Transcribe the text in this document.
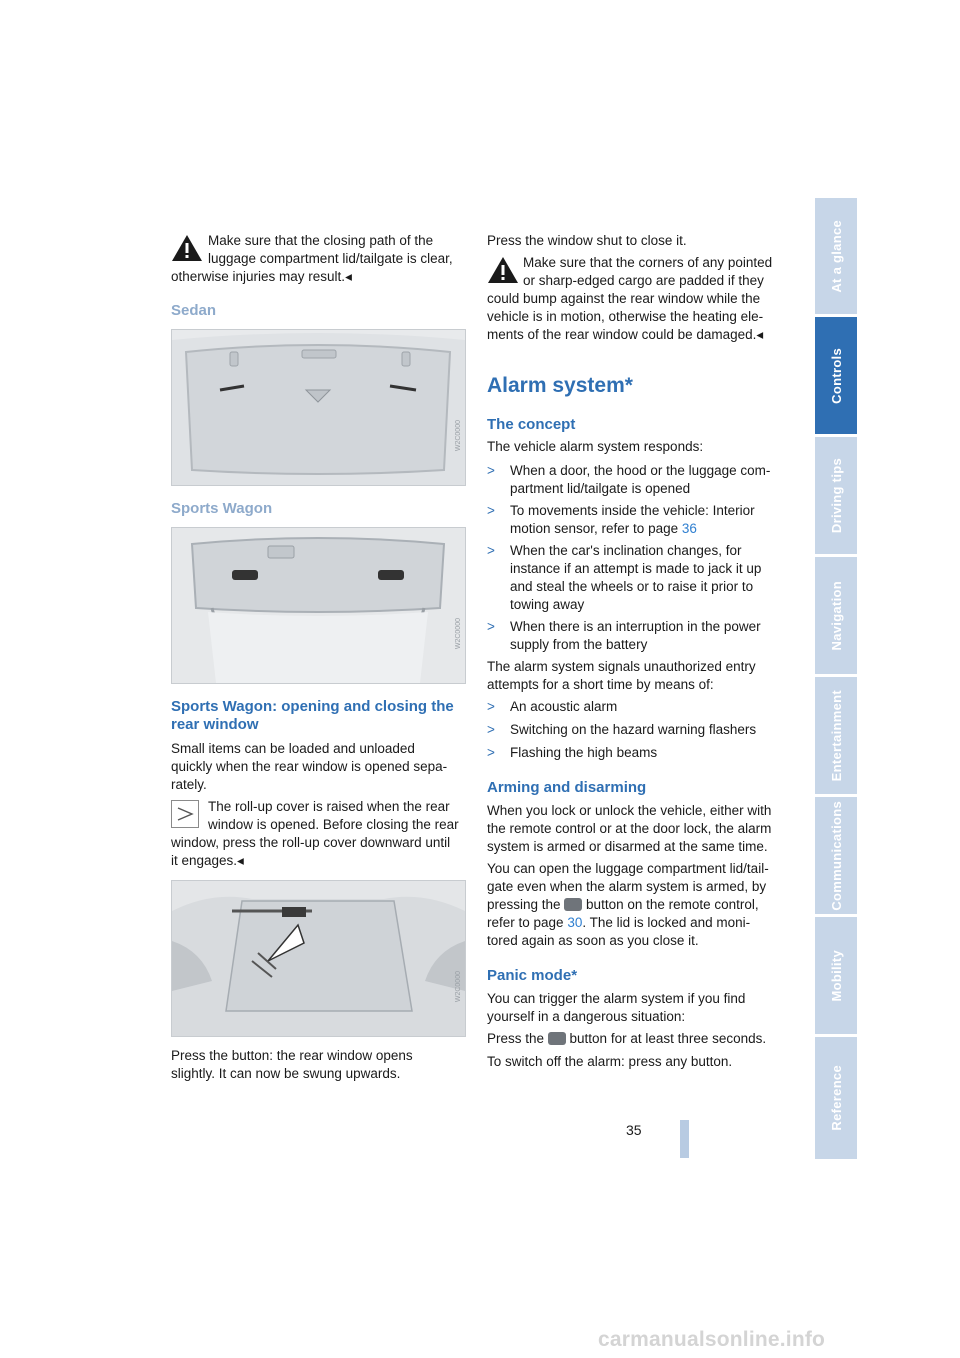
Make sure that the closing path of the

luggage compartment lid/tailgate is clear,

otherwise injuries may result.◂

Sedan
W2C0000
Sports Wagon
W2C0000
Sports Wagon: opening and closing the
rear window

Small items can be loaded and unloaded

quickly when the rear window is opened sepa-

rately.

The roll-up cover is raised when the rear

window is opened. Before closing the rear

window, press the roll-up cover downward until

it engages.◂

W2C0000

Press the button: the rear window opens

slightly. It can now be swung upwards.

Press the window shut to close it.

Make sure that the corners of any pointed

or sharp-edged cargo are padded if they

could bump against the rear window while the

vehicle is in motion, otherwise the heating ele-

ments of the rear window could be damaged.◂

Alarm system*
The concept

The vehicle alarm system responds:

> When a door, the hood or the luggage com-
partment lid/tailgate is opened
> To movements inside the vehicle: Interior
motion sensor, refer to page 36
> When the car's inclination changes, for
instance if an attempt is made to jack it up
and steal the wheels or to raise it prior to
towing away
> When there is an interruption in the power
supply from the battery

The alarm system signals unauthorized entry

attempts for a short time by means of:

> An acoustic alarm
> Switching on the hazard warning flashers
> Flashing the high beams
Arming and disarming

When you lock or unlock the vehicle, either with

the remote control or at the door lock, the alarm

system is armed or disarmed at the same time.

You can open the luggage compartment lid/tail-

gate even when the alarm system is armed, by

pressing the  button on the remote control,

refer to page 30. The lid is locked and moni-

tored again as soon as you close it.

Panic mode*

You can trigger the alarm system if you find

yourself in a dangerous situation:

Press the  button for at least three seconds.

To switch off the alarm: press any button.

At a glance
Controls
Driving tips
Navigation
Entertainment
Communications
Mobility
Reference
35
carmanualsonline.info
